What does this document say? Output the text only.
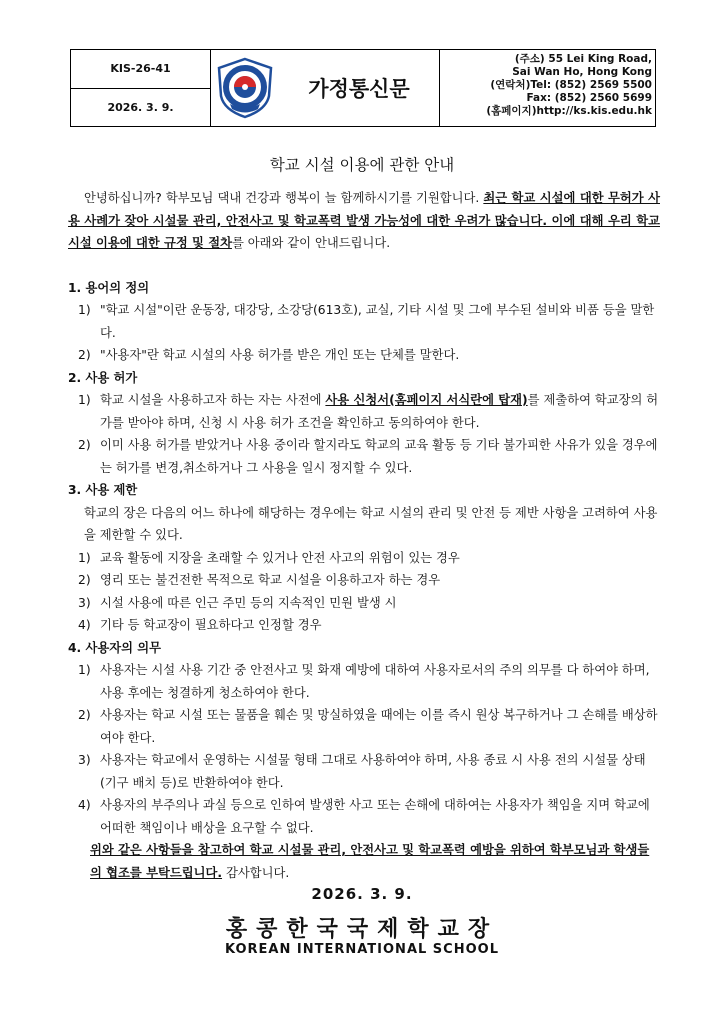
KIS-26-41
2026. 3. 9.
가정통신문
(주소) 55 Lei King Road,
Sai Wan Ho, Hong Kong
(연락처)Tel: (852) 2569 5500
Fax: (852) 2560 5699
(홈페이지)http://ks.kis.edu.hk
학교 시설 이용에 관한 안내

안녕하십니까? 학부모님 댁내 건강과 행복이 늘 함께하시기를 기원합니다. 최근 학교 시설에 대한 무허가 사용 사례가 잦아 시설물 관리, 안전사고 및 학교폭력 발생 가능성에 대한 우려가 많습니다. 이에 대해 우리 학교 시설 이용에 대한 규정 및 절차를 아래와 같이 안내드립니다.

1. 용어의 정의

1) "학교 시설"이란 운동장, 대강당, 소강당(613호), 교실, 기타 시설 및 그에 부수된 설비와 비품 등을 말한다.
2) "사용자"란 학교 시설의 사용 허가를 받은 개인 또는 단체를 말한다.

2. 사용 허가

1) 학교 시설을 사용하고자 하는 자는 사전에 사용 신청서(홈페이지 서식란에 탑재)를 제출하여 학교장의 허가를 받아야 하며, 신청 시 사용 허가 조건을 확인하고 동의하여야 한다.
2) 이미 사용 허가를 받았거나 사용 중이라 할지라도 학교의 교육 활동 등 기타 불가피한 사유가 있을 경우에는 허가를 변경,취소하거나 그 사용을 일시 정지할 수 있다.

3. 사용 제한

학교의 장은 다음의 어느 하나에 해당하는 경우에는 학교 시설의 관리 및 안전 등 제반 사항을 고려하여 사용을 제한할 수 있다.

1) 교육 활동에 지장을 초래할 수 있거나 안전 사고의 위험이 있는 경우
2) 영리 또는 불건전한 목적으로 학교 시설을 이용하고자 하는 경우
3) 시설 사용에 따른 인근 주민 등의 지속적인 민원 발생 시
4) 기타 등 학교장이 필요하다고 인정할 경우

4. 사용자의 의무

1) 사용자는 시설 사용 기간 중 안전사고 및 화재 예방에 대하여 사용자로서의 주의 의무를 다 하여야 하며, 사용 후에는 청결하게 청소하여야 한다.
2) 사용자는 학교 시설 또는 물품을 훼손 및 망실하였을 때에는 이를 즉시 원상 복구하거나 그 손해를 배상하여야 한다.
3) 사용자는 학교에서 운영하는 시설물 형태 그대로 사용하여야 하며, 사용 종료 시 사용 전의 시설물 상태(기구 배치 등)로 반환하여야 한다.
4) 사용자의 부주의나 과실 등으로 인하여 발생한 사고 또는 손해에 대하여는 사용자가 책임을 지며 학교에 어떠한 책임이나 배상을 요구할 수 없다.

위와 같은 사항들을 참고하여 학교 시설물 관리, 안전사고 및 학교폭력 예방을 위하여 학부모님과 학생들의 협조를 부탁드립니다. 감사합니다.

2026. 3. 9.
홍콩한국국제학교장
KOREAN INTERNATIONAL SCHOOL
